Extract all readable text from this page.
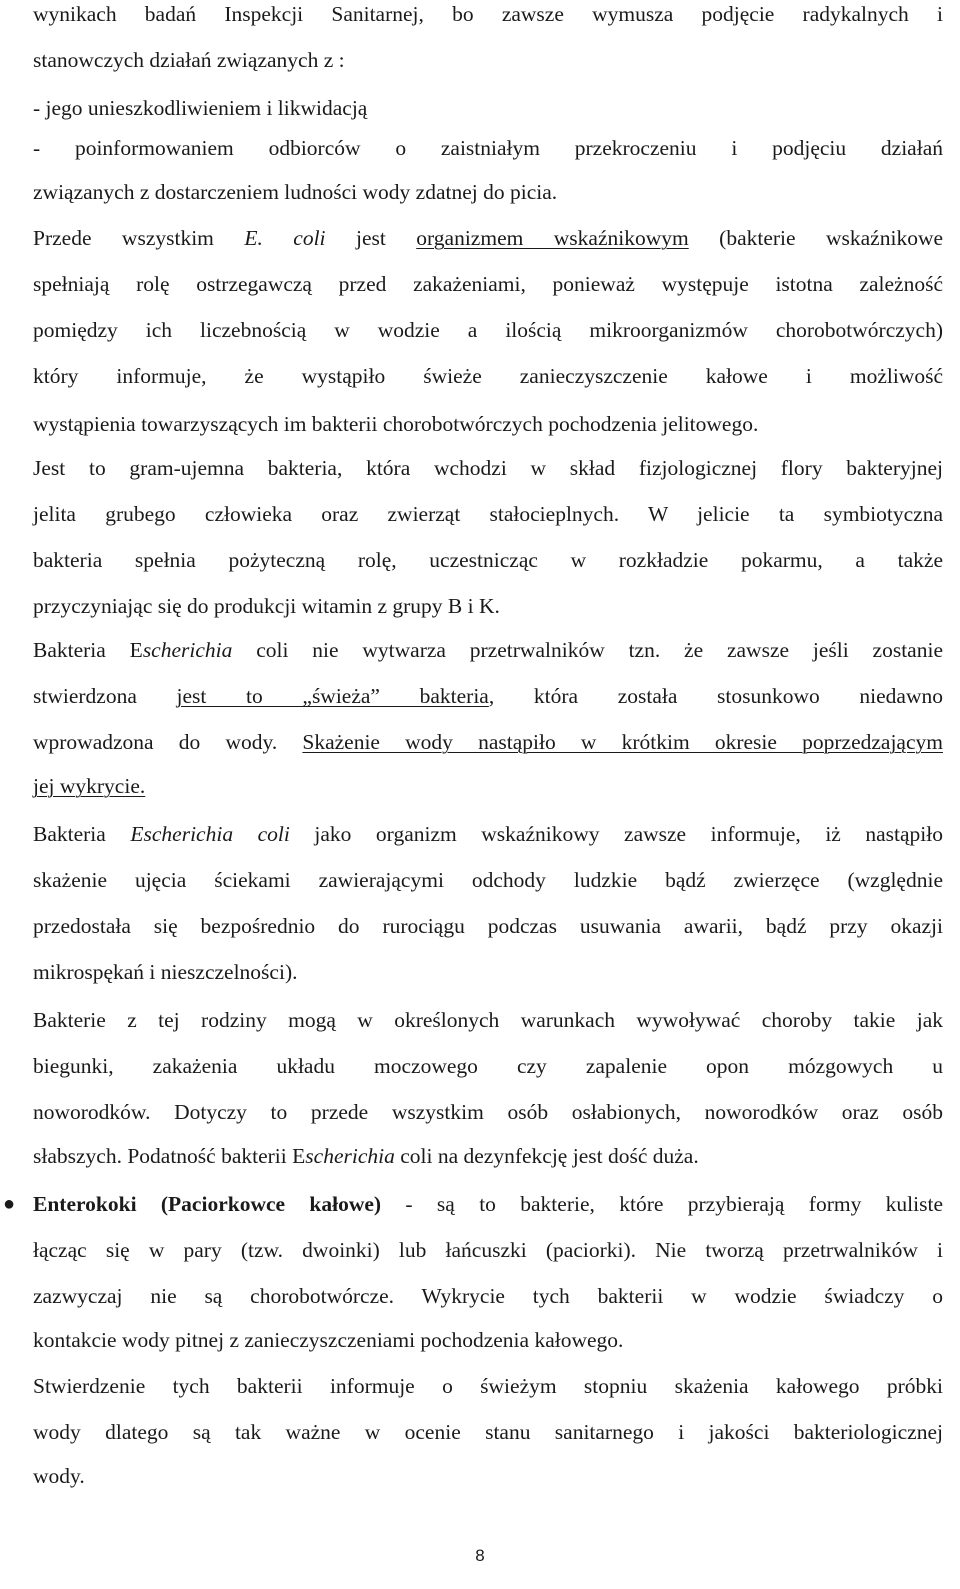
wynikach badań Inspekcji Sanitarnej, bo zawsze wymusza podjęcie radykalnych i
stanowczych działań związanych z :
- jego unieszkodliwieniem i likwidacją
- poinformowaniem odbiorców o zaistniałym przekroczeniu i podjęciu działań
związanych z dostarczeniem ludności wody zdatnej do picia.
Przede wszystkim E. coli jest organizmem wskaźnikowym (bakterie wskaźnikowe
spełniają rolę ostrzegawczą przed zakażeniami, ponieważ występuje istotna zależność
pomiędzy ich liczebnością w wodzie a ilością mikroorganizmów chorobotwórczych)
który informuje, że wystąpiło świeże zanieczyszczenie kałowe i możliwość
wystąpienia towarzyszących im bakterii chorobotwórczych pochodzenia jelitowego.
Jest to gram-ujemna bakteria, która wchodzi w skład fizjologicznej flory bakteryjnej
jelita grubego człowieka oraz zwierząt stałocieplnych. W jelicie ta symbiotyczna
bakteria spełnia pożyteczną rolę, uczestnicząc w rozkładzie pokarmu, a także
przyczyniając się do produkcji witamin z grupy B i K.
Bakteria Escherichia coli nie wytwarza przetrwalników tzn. że zawsze jeśli zostanie
stwierdzona jest to „świeża” bakteria, która została stosunkowo niedawno
wprowadzona do wody. Skażenie wody nastąpiło w krótkim okresie poprzedzającym
jej wykrycie.
Bakteria Escherichia coli jako organizm wskaźnikowy zawsze informuje, iż nastąpiło
skażenie ujęcia ściekami zawierającymi odchody ludzkie bądź zwierzęce (względnie
przedostała się bezpośrednio do rurociągu podczas usuwania awarii, bądź przy okazji
mikrospękań i nieszczelności).
Bakterie z tej rodziny mogą w określonych warunkach wywoływać choroby takie jak
biegunki, zakażenia układu moczowego czy zapalenie opon mózgowych u
noworodków. Dotyczy to przede wszystkim osób osłabionych, noworodków oraz osób
słabszych. Podatność bakterii Escherichia coli na dezynfekcję jest dość duża.
● Enterokoki (Paciorkowce kałowe) - są to bakterie, które przybierają formy kuliste
łącząc się w pary (tzw. dwoinki) lub łańcuszki (paciorki). Nie tworzą przetrwalników i
zazwyczaj nie są chorobotwórcze. Wykrycie tych bakterii w wodzie świadczy o
kontakcie wody pitnej z zanieczyszczeniami pochodzenia kałowego.
Stwierdzenie tych bakterii informuje o świeżym stopniu skażenia kałowego próbki
wody dlatego są tak ważne w ocenie stanu sanitarnego i jakości bakteriologicznej
wody.
8
